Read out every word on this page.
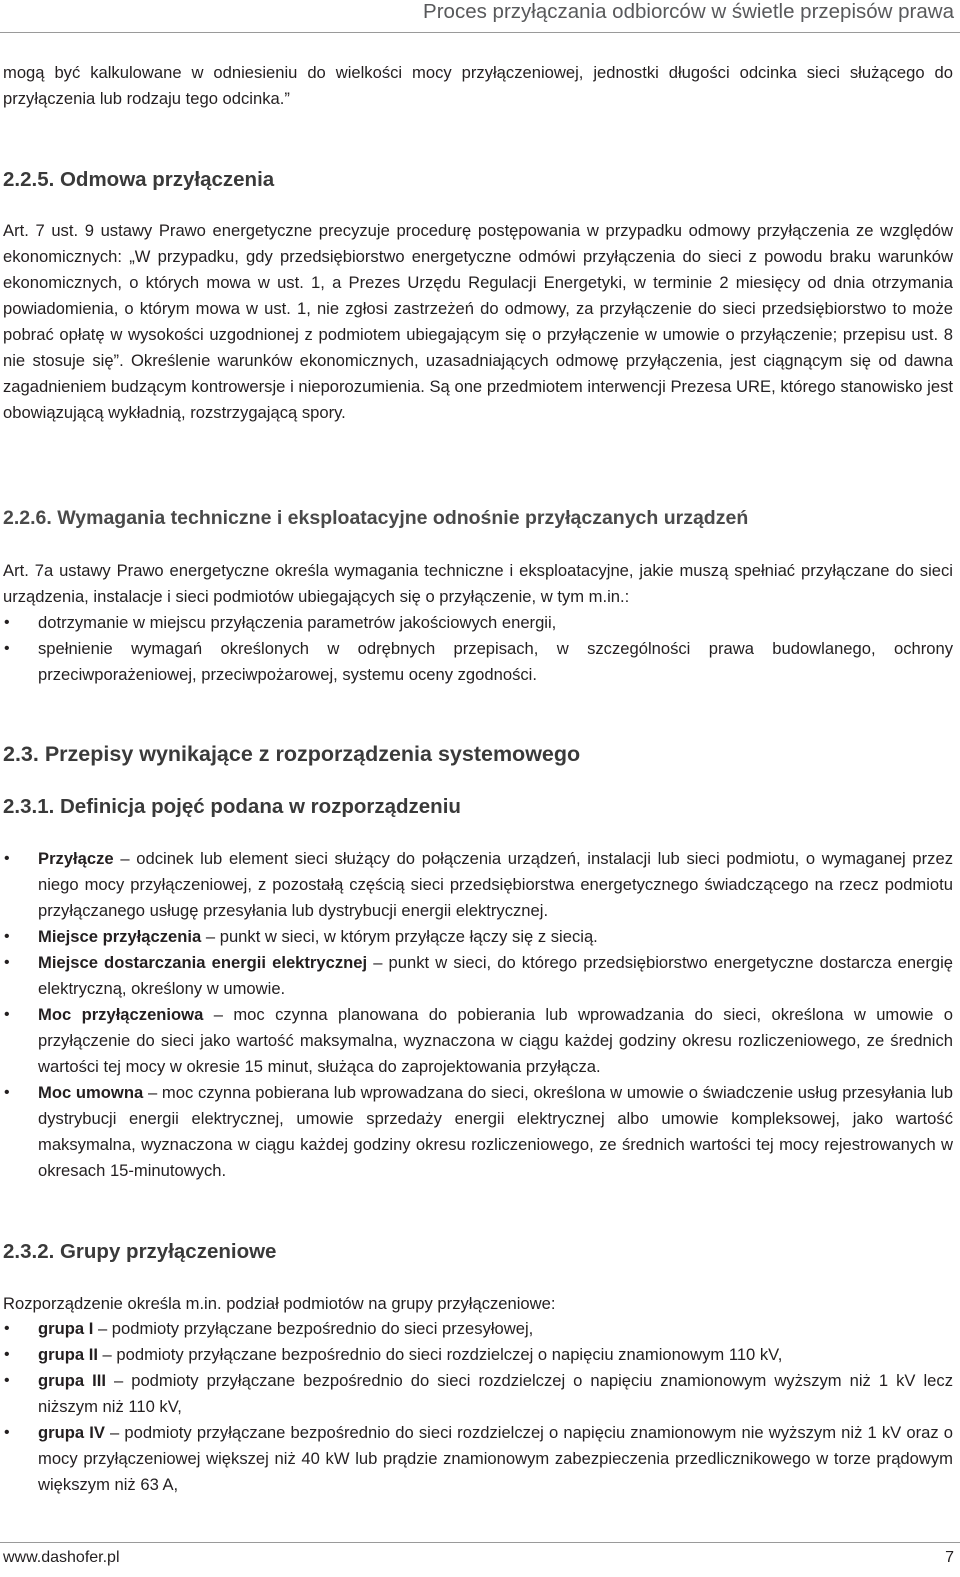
Proces przyłączania odbiorców w świetle przepisów prawa

mogą być kalkulowane w odniesieniu do wielkości mocy przyłączeniowej, jednostki długości odcinka sieci służącego do przyłączenia lub rodzaju tego odcinka.”

2.2.5. Odmowa przyłączenia

Art. 7 ust. 9 ustawy Prawo energetyczne precyzuje procedurę postępowania w przypadku odmowy przyłączenia ze względów ekonomicznych: „W przypadku, gdy przedsiębiorstwo energetyczne odmówi przyłączenia do sieci z powodu braku warunków ekonomicznych, o których mowa w ust. 1, a Prezes Urzędu Regulacji Energetyki, w terminie 2 miesięcy od dnia otrzymania powiadomienia, o którym mowa w ust. 1, nie zgłosi zastrzeżeń do odmowy, za przyłączenie do sieci przedsiębiorstwo to może pobrać opłatę w wysokości uzgodnionej z podmiotem ubiegającym się o przyłączenie w umowie o przyłączenie; przepisu ust. 8 nie stosuje się”. Określenie warunków ekonomicznych, uzasadniających odmowę przyłączenia, jest ciągnącym się od dawna zagadnieniem budzącym kontrowersje i nieporozumienia. Są one przedmiotem interwencji Prezesa URE, którego stanowisko jest obowiązującą wykładnią, rozstrzygającą spory.

2.2.6. Wymagania techniczne i eksploatacyjne odnośnie przyłączanych urządzeń

Art. 7a ustawy Prawo energetyczne określa wymagania techniczne i eksploatacyjne, jakie muszą spełniać przyłączane do sieci urządzenia, instalacje i sieci podmiotów ubiegających się o przyłączenie, w tym m.in.:

• dotrzymanie w miejscu przyłączenia parametrów jakościowych energii,
• spełnienie wymagań określonych w odrębnych przepisach, w szczególności prawa budowlanego, ochrony przeciwporażeniowej, przeciwpożarowej, systemu oceny zgodności.
2.3. Przepisy wynikające z rozporządzenia systemowego
2.3.1. Definicja pojęć podana w rozporządzeniu
• Przyłącze – odcinek lub element sieci służący do połączenia urządzeń, instalacji lub sieci podmiotu, o wymaganej przez niego mocy przyłączeniowej, z pozostałą częścią sieci przedsiębiorstwa energetycznego świadczącego na rzecz podmiotu przyłączanego usługę przesyłania lub dystrybucji energii elektrycznej.
• Miejsce przyłączenia – punkt w sieci, w którym przyłącze łączy się z siecią.
• Miejsce dostarczania energii elektrycznej – punkt w sieci, do którego przedsiębiorstwo energetyczne dostarcza energię elektryczną, określony w umowie.
• Moc przyłączeniowa – moc czynna planowana do pobierania lub wprowadzania do sieci, określona w umowie o przyłączenie do sieci jako wartość maksymalna, wyznaczona w ciągu każdej godziny okresu rozliczeniowego, ze średnich wartości tej mocy w okresie 15 minut, służąca do zaprojektowania przyłącza.
• Moc umowna – moc czynna pobierana lub wprowadzana do sieci, określona w umowie o świadczenie usług przesyłania lub dystrybucji energii elektrycznej, umowie sprzedaży energii elektrycznej albo umowie kompleksowej, jako wartość maksymalna, wyznaczona w ciągu każdej godziny okresu rozliczeniowego, ze średnich wartości tej mocy rejestrowanych w okresach 15-minutowych.
2.3.2. Grupy przyłączeniowe

Rozporządzenie określa m.in. podział podmiotów na grupy przyłączeniowe:

• grupa I – podmioty przyłączane bezpośrednio do sieci przesyłowej,
• grupa II – podmioty przyłączane bezpośrednio do sieci rozdzielczej o napięciu znamionowym 110 kV,
• grupa III – podmioty przyłączane bezpośrednio do sieci rozdzielczej o napięciu znamionowym wyższym niż 1 kV lecz niższym niż 110 kV,
• grupa IV – podmioty przyłączane bezpośrednio do sieci rozdzielczej o napięciu znamionowym nie wyższym niż 1 kV oraz o mocy przyłączeniowej większej niż 40 kW lub prądzie znamionowym zabezpieczenia przedlicznikowego w torze prądowym większym niż 63 A,
www.dashofer.pl	7
